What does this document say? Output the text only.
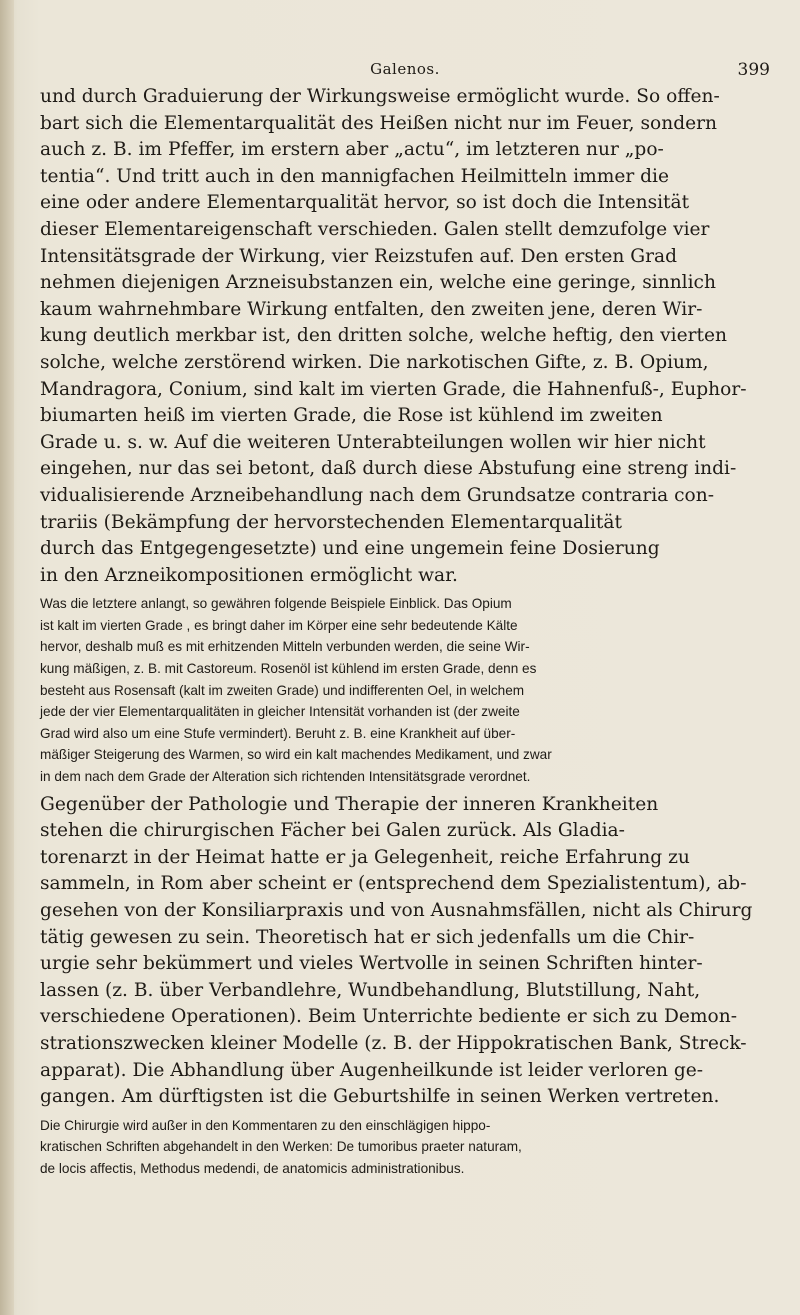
Galenos.	399
und durch Graduierung der Wirkungsweise ermöglicht wurde. So offen-
bart sich die Elementarqualität des Heißen nicht nur im Feuer, sondern
auch z. B. im Pfeffer, im erstern aber „actu“, im letzteren nur „po-
tentia“. Und tritt auch in den mannigfachen Heilmitteln immer die
eine oder andere Elementarqualität hervor, so ist doch die Intensität
dieser Elementareigenschaft verschieden. Galen stellt demzufolge vier
Intensitätsgrade der Wirkung, vier Reizstufen auf. Den ersten Grad
nehmen diejenigen Arzneisubstanzen ein, welche eine geringe, sinnlich
kaum wahrnehmbare Wirkung entfalten, den zweiten jene, deren Wir-
kung deutlich merkbar ist, den dritten solche, welche heftig, den vierten
solche, welche zerstörend wirken. Die narkotischen Gifte, z. B. Opium,
Mandragora, Conium, sind kalt im vierten Grade, die Hahnenfuß-, Euphor-
biumarten heiß im vierten Grade, die Rose ist kühlend im zweiten
Grade u. s. w. Auf die weiteren Unterabteilungen wollen wir hier nicht
eingehen, nur das sei betont, daß durch diese Abstufung eine streng indi-
vidualisierende Arzneibehandlung nach dem Grundsatze contraria con-
trariis (Bekämpfung der hervorstechenden Elementarqualität
durch das Entgegengesetzte) und eine ungemein feine Dosierung
in den Arzneikompositionen ermöglicht war.
Was die letztere anlangt, so gewähren folgende Beispiele Einblick. Das Opium
ist kalt im vierten Grade , es bringt daher im Körper eine sehr bedeutende Kälte
hervor, deshalb muß es mit erhitzenden Mitteln verbunden werden, die seine Wir-
kung mäßigen, z. B. mit Castoreum. Rosenöl ist kühlend im ersten Grade, denn es
besteht aus Rosensaft (kalt im zweiten Grade) und indifferenten Oel, in welchem
jede der vier Elementarqualitäten in gleicher Intensität vorhanden ist (der zweite
Grad wird also um eine Stufe vermindert). Beruht z. B. eine Krankheit auf über-
mäßiger Steigerung des Warmen, so wird ein kalt machendes Medikament, und zwar
in dem nach dem Grade der Alteration sich richtenden Intensitätsgrade verordnet.
Gegenüber der Pathologie und Therapie der inneren Krankheiten
stehen die chirurgischen Fächer bei Galen zurück. Als Gladia-
torenarzt in der Heimat hatte er ja Gelegenheit, reiche Erfahrung zu
sammeln, in Rom aber scheint er (entsprechend dem Spezialistentum), ab-
gesehen von der Konsiliarpraxis und von Ausnahmsfällen, nicht als Chirurg
tätig gewesen zu sein. Theoretisch hat er sich jedenfalls um die Chir-
urgie sehr bekümmert und vieles Wertvolle in seinen Schriften hinter-
lassen (z. B. über Verbandlehre, Wundbehandlung, Blutstillung, Naht,
verschiedene Operationen). Beim Unterrichte bediente er sich zu Demon-
strationszwecken kleiner Modelle (z. B. der Hippokratischen Bank, Streck-
apparat). Die Abhandlung über Augenheilkunde ist leider verloren ge-
gangen. Am dürftigsten ist die Geburtshilfe in seinen Werken vertreten.
Die Chirurgie wird außer in den Kommentaren zu den einschlägigen hippo-
kratischen Schriften abgehandelt in den Werken: De tumoribus praeter naturam,
de locis affectis, Methodus medendi, de anatomicis administrationibus.
